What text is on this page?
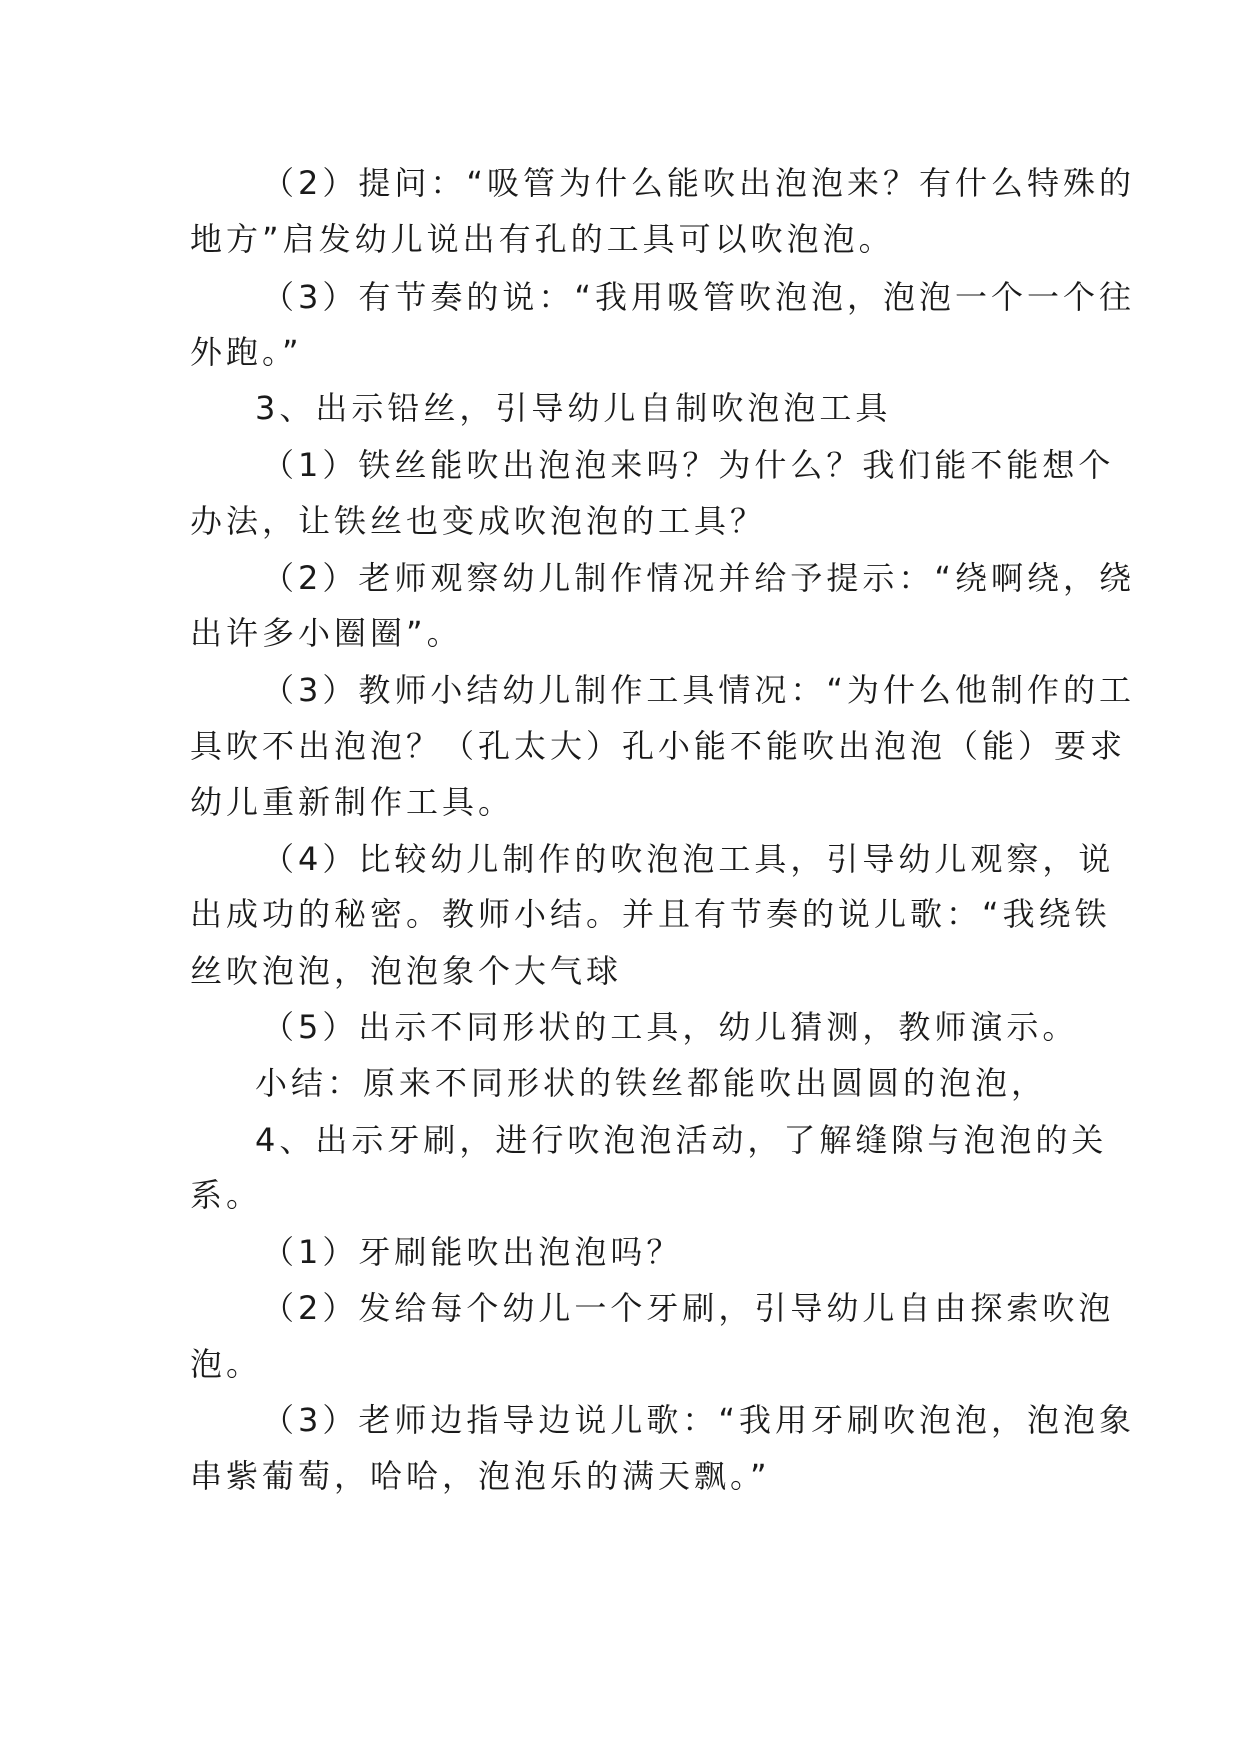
（2）提问：“吸管为什么能吹出泡泡来？有什么特殊的
地方”启发幼儿说出有孔的工具可以吹泡泡。
（3）有节奏的说：“我用吸管吹泡泡，泡泡一个一个往
外跑。”
3、出示铅丝，引导幼儿自制吹泡泡工具
（1）铁丝能吹出泡泡来吗？为什么？我们能不能想个
办法，让铁丝也变成吹泡泡的工具？
（2）老师观察幼儿制作情况并给予提示：“绕啊绕，绕
出许多小圈圈”。
（3）教师小结幼儿制作工具情况：“为什么他制作的工
具吹不出泡泡？（孔太大）孔小能不能吹出泡泡（能）要求
幼儿重新制作工具。
（4）比较幼儿制作的吹泡泡工具，引导幼儿观察，说
出成功的秘密。教师小结。并且有节奏的说儿歌：“我绕铁
丝吹泡泡，泡泡象个大气球
（5）出示不同形状的工具，幼儿猜测，教师演示。
小结：原来不同形状的铁丝都能吹出圆圆的泡泡，
4、出示牙刷，进行吹泡泡活动，了解缝隙与泡泡的关
系。
（1）牙刷能吹出泡泡吗？
（2）发给每个幼儿一个牙刷，引导幼儿自由探索吹泡
泡。
（3）老师边指导边说儿歌：“我用牙刷吹泡泡，泡泡象
串紫葡萄，哈哈，泡泡乐的满天飘。”
